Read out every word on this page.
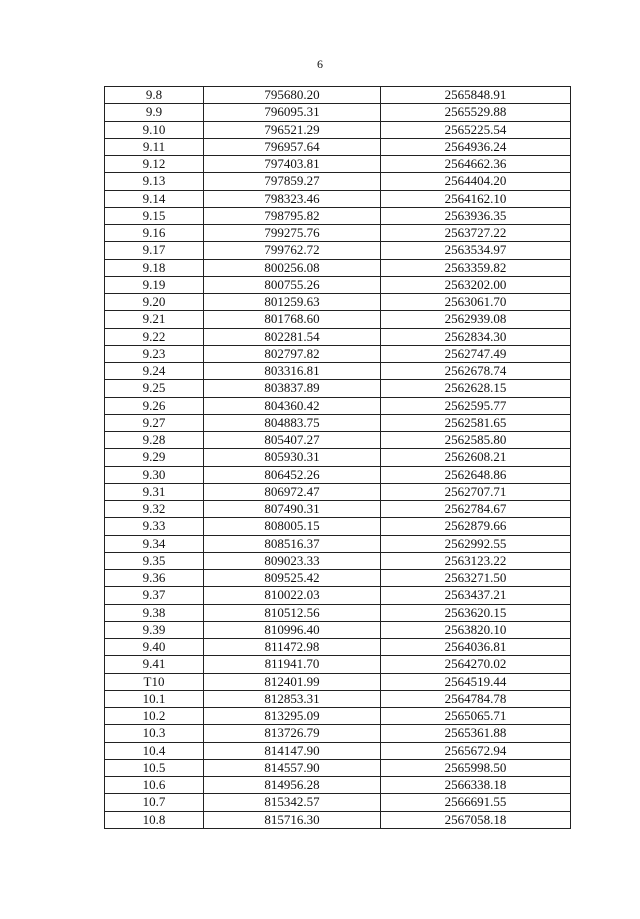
6
9.8	795680.20	2565848.91
9.9	796095.31	2565529.88
9.10	796521.29	2565225.54
9.11	796957.64	2564936.24
9.12	797403.81	2564662.36
9.13	797859.27	2564404.20
9.14	798323.46	2564162.10
9.15	798795.82	2563936.35
9.16	799275.76	2563727.22
9.17	799762.72	2563534.97
9.18	800256.08	2563359.82
9.19	800755.26	2563202.00
9.20	801259.63	2563061.70
9.21	801768.60	2562939.08
9.22	802281.54	2562834.30
9.23	802797.82	2562747.49
9.24	803316.81	2562678.74
9.25	803837.89	2562628.15
9.26	804360.42	2562595.77
9.27	804883.75	2562581.65
9.28	805407.27	2562585.80
9.29	805930.31	2562608.21
9.30	806452.26	2562648.86
9.31	806972.47	2562707.71
9.32	807490.31	2562784.67
9.33	808005.15	2562879.66
9.34	808516.37	2562992.55
9.35	809023.33	2563123.22
9.36	809525.42	2563271.50
9.37	810022.03	2563437.21
9.38	810512.56	2563620.15
9.39	810996.40	2563820.10
9.40	811472.98	2564036.81
9.41	811941.70	2564270.02
T10	812401.99	2564519.44
10.1	812853.31	2564784.78
10.2	813295.09	2565065.71
10.3	813726.79	2565361.88
10.4	814147.90	2565672.94
10.5	814557.90	2565998.50
10.6	814956.28	2566338.18
10.7	815342.57	2566691.55
10.8	815716.30	2567058.18
